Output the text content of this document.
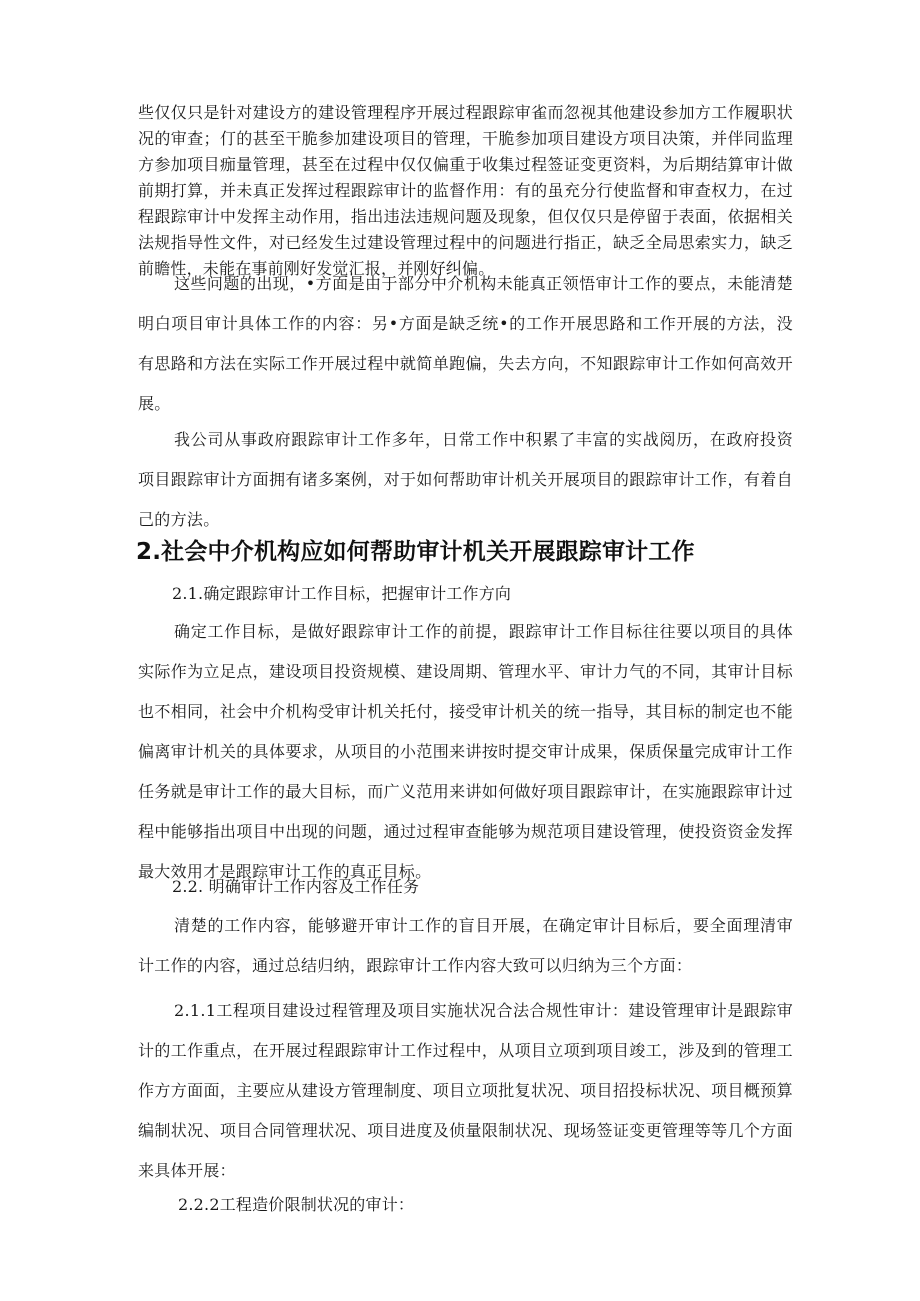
些仅仅只是针对建设方的建设管理程序开展过程跟踪审雀而忽视其他建设参加方工作履职状况的审查；仃的甚至干脆参加建设项目的管理，干脆参加项目建设方项目决策，并伴同监理方参加项目痂量管理，甚至在过程中仅仅偏重于收集过程签证变更资料，为后期结算审计做前期打算，并未真正发挥过程跟踪审计的监督作用：有的虽充分行使监督和审查权力，在过程跟踪审计中发挥主动作用，指出违法违规问题及现象，但仅仅只是停留于表面，依据相关法规指导性文件，对已经发生过建设管理过程中的问题进行指正，缺乏全局思索实力，缺乏前瞻性，未能在事前刚好发觉汇报，并刚好纠偏。

这些问题的出现，•方面是由于部分中介机构未能真正领悟审计工作的要点，未能清楚明白项目审计具体工作的内容：另•方面是缺乏统•的工作开展思路和工作开展的方法，没有思路和方法在实际工作开展过程中就简单跑偏，失去方向，不知跟踪审计工作如何高效开展。

我公司从事政府跟踪审计工作多年，日常工作中积累了丰富的实战阅历，在政府投资项目跟踪审计方面拥有诸多案例，对于如何帮助审计机关开展项目的跟踪审计工作，有着自己的方法。

2.社会中介机构应如何帮助审计机关开展跟踪审计工作

2.1.确定跟踪审计工作目标，把握审计工作方向

确定工作目标，是做好跟踪审计工作的前提，跟踪审计工作目标往往要以项目的具体实际作为立足点，建设项目投资规模、建设周期、管理水平、审计力气的不同，其审计目标也不相同，社会中介机构受审计机关托付，接受审计机关的统一指导，其目标的制定也不能偏离审计机关的具体要求，从项目的小范围来讲按时提交审计成果，保质保量完成审计工作任务就是审计工作的最大目标，而广义范用来讲如何做好项目跟踪审计，在实施跟踪审计过程中能够指出项目中出现的问题，通过过程审查能够为规范项目建设管理，使投资资金发挥最大效用才是跟踪审计工作的真正目标。

2.2. 明确审计工作内容及工作任务

清楚的工作内容，能够避开审计工作的盲目开展，在确定审计目标后，要全面理清审计工作的内容，通过总结归纳，跟踪审计工作内容大致可以归纳为三个方面：

2.1.1工程项目建设过程管理及项目实施状况合法合规性审计：建设管理审计是跟踪审计的工作重点，在开展过程跟踪审计工作过程中，从项目立项到项目竣工，涉及到的管理工作方方面面，主要应从建设方管理制度、项目立项批复状况、项目招投标状况、项目概预算编制状况、项目合同管理状况、项目进度及侦量限制状况、现场签证变更管理等等几个方面来具体开展：

2.2.2工程造价限制状况的审计：
